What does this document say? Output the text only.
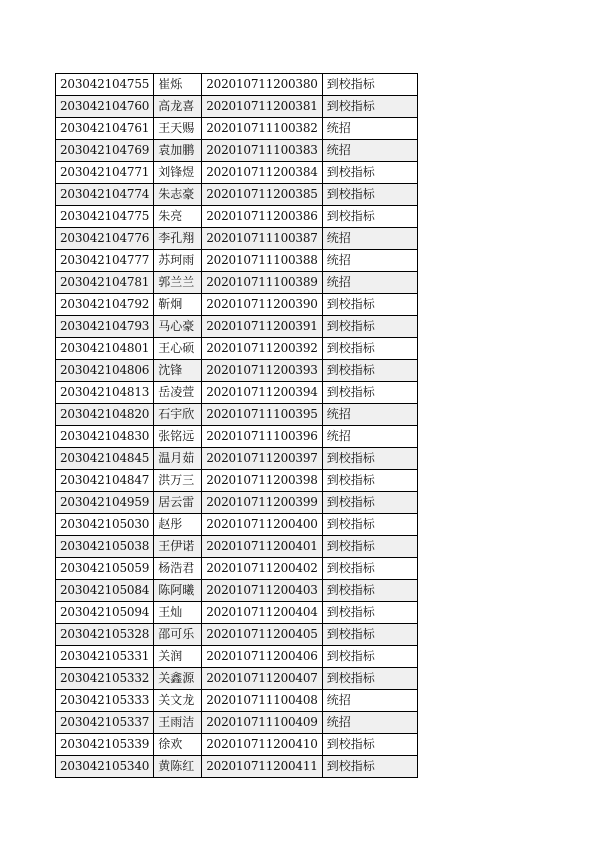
203042104755	崔烁	202010711200380	到校指标
203042104760	高龙喜	202010711200381	到校指标
203042104761	王天赐	202010711100382	统招
203042104769	袁加鹏	202010711100383	统招
203042104771	刘锋煜	202010711200384	到校指标
203042104774	朱志豪	202010711200385	到校指标
203042104775	朱亮	202010711200386	到校指标
203042104776	李孔翔	202010711100387	统招
203042104777	苏珂雨	202010711100388	统招
203042104781	郭兰兰	202010711100389	统招
203042104792	靳炯	202010711200390	到校指标
203042104793	马心豪	202010711200391	到校指标
203042104801	王心硕	202010711200392	到校指标
203042104806	沈锋	202010711200393	到校指标
203042104813	岳凌萱	202010711200394	到校指标
203042104820	石宇欣	202010711100395	统招
203042104830	张铭远	202010711100396	统招
203042104845	温月茹	202010711200397	到校指标
203042104847	洪万三	202010711200398	到校指标
203042104959	居云雷	202010711200399	到校指标
203042105030	赵彤	202010711200400	到校指标
203042105038	王伊诺	202010711200401	到校指标
203042105059	杨浩君	202010711200402	到校指标
203042105084	陈阿曦	202010711200403	到校指标
203042105094	王灿	202010711200404	到校指标
203042105328	邵可乐	202010711200405	到校指标
203042105331	关润	202010711200406	到校指标
203042105332	关鑫源	202010711200407	到校指标
203042105333	关文龙	202010711100408	统招
203042105337	王雨洁	202010711100409	统招
203042105339	徐欢	202010711200410	到校指标
203042105340	黄陈红	202010711200411	到校指标
